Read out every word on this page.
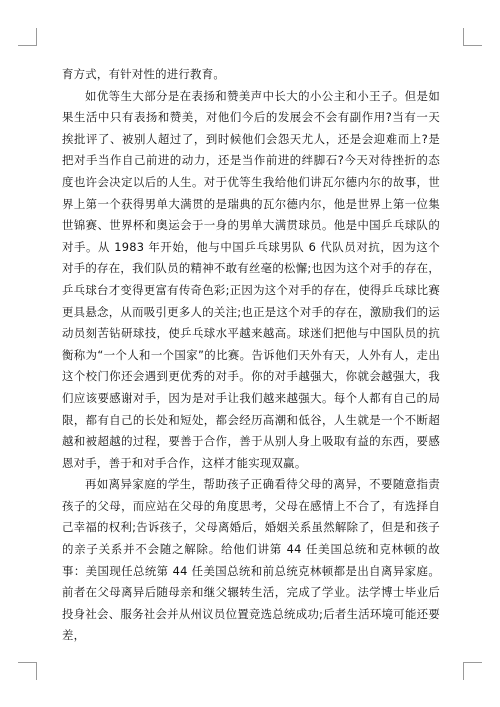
育方式，有针对性的进行教育。

如优等生大部分是在表扬和赞美声中长大的小公主和小王子。但是如果生活中只有表扬和赞美，对他们今后的发展会不会有副作用?当有一天挨批评了、被别人超过了，到时候他们会怨天尤人，还是会迎难而上?是把对手当作自己前进的动力，还是当作前进的绊脚石?今天对待挫折的态度也许会决定以后的人生。对于优等生我给他们讲瓦尔德内尔的故事，世界上第一个获得男单大满贯的是瑞典的瓦尔德内尔，他是世界上第一位集世锦赛、世界杯和奥运会于一身的男单大满贯球员。他是中国乒乓球队的对手。从 1983 年开始，他与中国乒乓球男队 6 代队员对抗，因为这个对手的存在，我们队员的精神不敢有丝毫的松懈;也因为这个对手的存在，乒乓球台才变得更富有传奇色彩;正因为这个对手的存在，使得乒乓球比赛更具悬念，从而吸引更多人的关注;也正是这个对手的存在，激励我们的运动员刻苦钻研球技，使乒乓球水平越来越高。球迷们把他与中国队员的抗衡称为“一个人和一个国家”的比赛。告诉他们天外有天，人外有人，走出这个校门你还会遇到更优秀的对手。你的对手越强大，你就会越强大，我们应该要感谢对手，因为是对手让我们越来越强大。每个人都有自己的局限，都有自己的长处和短处，都会经历高潮和低谷，人生就是一个不断超越和被超越的过程，要善于合作，善于从别人身上吸取有益的东西，要感恩对手，善于和对手合作，这样才能实现双赢。

再如离异家庭的学生，帮助孩子正确看待父母的离异，不要随意指责孩子的父母，而应站在父母的角度思考，父母在感情上不合了，有选择自己幸福的权利;告诉孩子，父母离婚后，婚姻关系虽然解除了，但是和孩子的亲子关系并不会随之解除。给他们讲第 44 任美国总统和克林顿的故事：美国现任总统第 44 任美国总统和前总统克林顿都是出自离异家庭。前者在父母离异后随母亲和继父辗转生活，完成了学业。法学博士毕业后投身社会、服务社会并从州议员位置竞选总统成功;后者生活环境可能还要差，
